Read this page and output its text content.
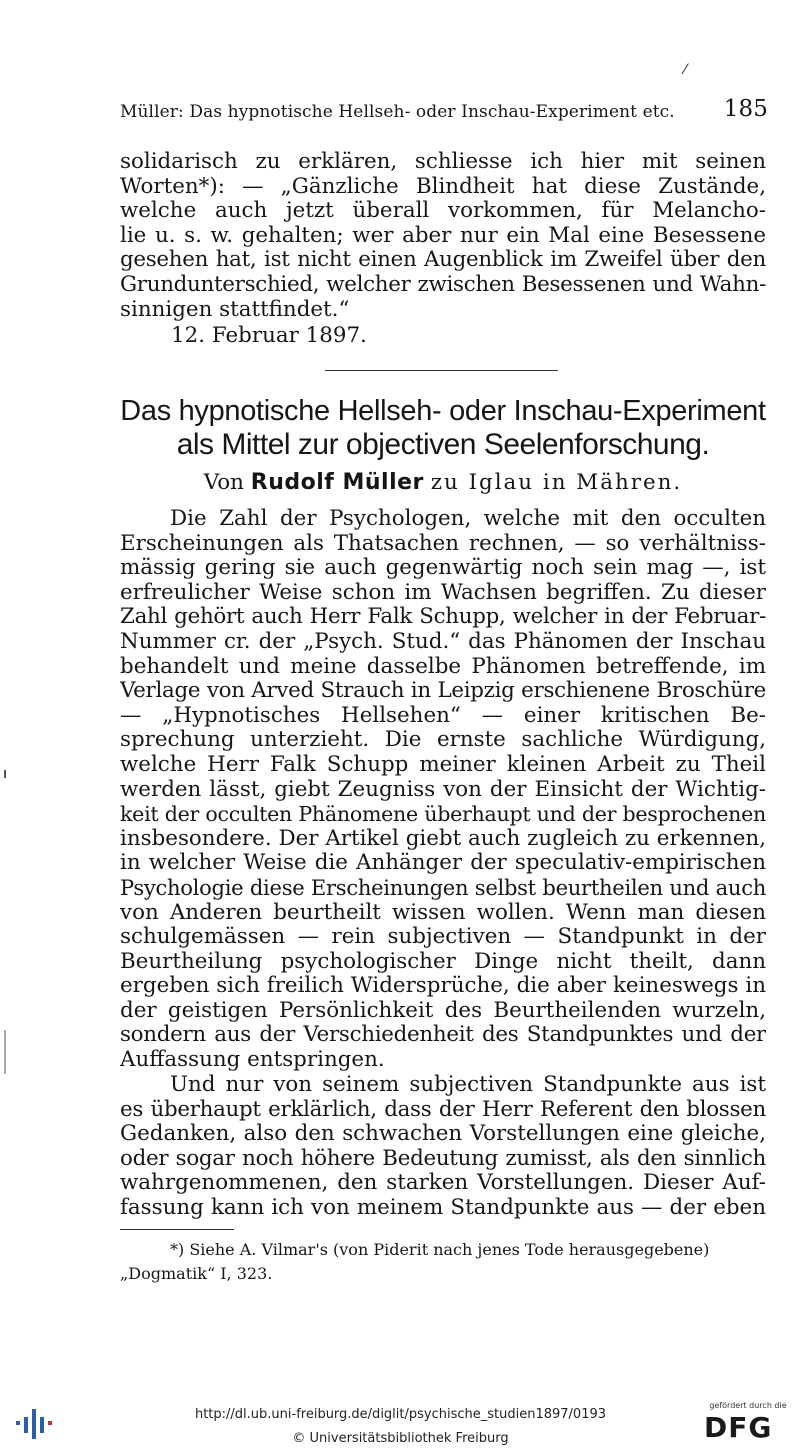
⁄
Müller: Das hypnotische Hellseh- oder Inschau-Experiment etc. 185
solidarisch zu erklären, schliesse ich hier mit seinen
Worten*): — „Gänzliche Blindheit hat diese Zustände,
welche auch jetzt überall vorkommen, für Melancho-
lie u. s. w. gehalten; wer aber nur ein Mal eine Besessene
gesehen hat, ist nicht einen Augenblick im Zweifel über den
Grundunterschied, welcher zwischen Besessenen und Wahn-
sinnigen stattfindet.“
12. Februar 1897.
Das hypnotische Hellseh- oder Inschau-Experiment
als Mittel zur objectiven Seelenforschung.
Von Rudolf Müller zu Iglau in Mähren.
Die Zahl der Psychologen, welche mit den occulten
Erscheinungen als Thatsachen rechnen, — so verhältniss-
mässig gering sie auch gegenwärtig noch sein mag —, ist
erfreulicher Weise schon im Wachsen begriffen. Zu dieser
Zahl gehört auch Herr Falk Schupp, welcher in der Februar-
Nummer cr. der „Psych. Stud.“ das Phänomen der Inschau
behandelt und meine dasselbe Phänomen betreffende, im
Verlage von Arved Strauch in Leipzig erschienene Broschüre
— „Hypnotisches Hellsehen“ — einer kritischen Be-
sprechung unterzieht. Die ernste sachliche Würdigung,
welche Herr Falk Schupp meiner kleinen Arbeit zu Theil
werden lässt, giebt Zeugniss von der Einsicht der Wichtig-
keit der occulten Phänomene überhaupt und der besprochenen
insbesondere. Der Artikel giebt auch zugleich zu erkennen,
in welcher Weise die Anhänger der speculativ-empirischen
Psychologie diese Erscheinungen selbst beurtheilen und auch
von Anderen beurtheilt wissen wollen. Wenn man diesen
schulgemässen — rein subjectiven — Standpunkt in der
Beurtheilung psychologischer Dinge nicht theilt, dann
ergeben sich freilich Widersprüche, die aber keineswegs in
der geistigen Persönlichkeit des Beurtheilenden wurzeln,
sondern aus der Verschiedenheit des Standpunktes und der
Auffassung entspringen.
Und nur von seinem subjectiven Standpunkte aus ist
es überhaupt erklärlich, dass der Herr Referent den blossen
Gedanken, also den schwachen Vorstellungen eine gleiche,
oder sogar noch höhere Bedeutung zumisst, als den sinnlich
wahrgenommenen, den starken Vorstellungen. Dieser Auf-
fassung kann ich von meinem Standpunkte aus — der eben
*) Siehe A. Vilmar's (von Piderit nach jenes Tode herausgegebene)
„Dogmatik“ I, 323.
http://dl.ub.uni-freiburg.de/diglit/psychische_studien1897/0193
© Universitätsbibliothek Freiburg
gefördert durch die
DFG
